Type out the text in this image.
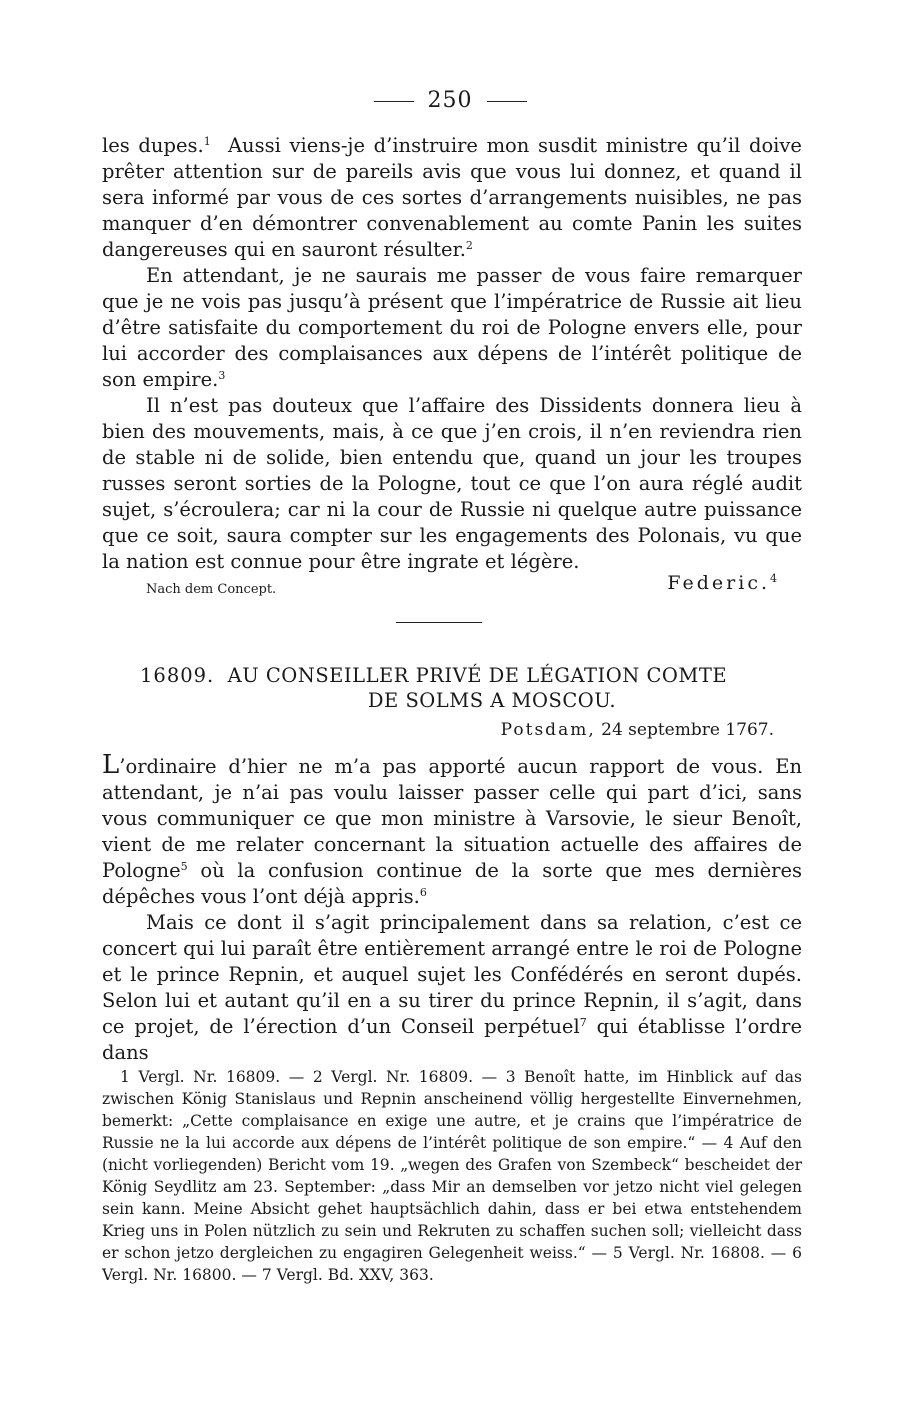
250

les dupes.$^1$ Aussi viens-je d’instruire mon susdit ministre qu’il doive prêter attention sur de pareils avis que vous lui donnez, et quand il sera informé par vous de ces sortes d’arrangements nuisibles, ne pas manquer d’en démontrer convenablement au comte Panin les suites dangereuses qui en sauront résulter.$^2$

En attendant, je ne saurais me passer de vous faire remarquer que je ne vois pas jusqu’à présent que l’impératrice de Russie ait lieu d’être satisfaite du comportement du roi de Pologne envers elle, pour lui accorder des complaisances aux dépens de l’intérêt politique de son empire.$^3$

Il n’est pas douteux que l’affaire des Dissidents donnera lieu à bien des mouvements, mais, à ce que j’en crois, il n’en reviendra rien de stable ni de solide, bien entendu que, quand un jour les troupes russes seront sorties de la Pologne, tout ce que l’on aura réglé audit sujet, s’écroulera; car ni la cour de Russie ni quelque autre puissance que ce soit, saura compter sur les engagements des Polonais, vu que la nation est connue pour être ingrate et légère.

Nach dem Concept.	Federic.$^4$
16809. AU CONSEILLER PRIVÉ DE LÉGATION COMTE
DE SOLMS A MOSCOU.
Potsdam, 24 septembre 1767.

L’ordinaire d’hier ne m’a pas apporté aucun rapport de vous. En attendant, je n’ai pas voulu laisser passer celle qui part d’ici, sans vous communiquer ce que mon ministre à Varsovie, le sieur Benoît, vient de me relater concernant la situation actuelle des affaires de Pologne$^5$ où la confusion continue de la sorte que mes dernières dépêches vous l’ont déjà appris.$^6$

Mais ce dont il s’agit principalement dans sa relation, c’est ce concert qui lui paraît être entièrement arrangé entre le roi de Pologne et le prince Repnin, et auquel sujet les Confédérés en seront dupés. Selon lui et autant qu’il en a su tirer du prince Repnin, il s’agit, dans ce projet, de l’érection d’un Conseil perpétuel$^7$ qui établisse l’ordre dans

1 Vergl. Nr. 16809. — 2 Vergl. Nr. 16809. — 3 Benoît hatte, im Hinblick auf das zwischen König Stanislaus und Repnin anscheinend völlig hergestellte Einvernehmen, bemerkt: „Cette complaisance en exige une autre, et je crains que l’impératrice de Russie ne la lui accorde aux dépens de l’intérêt politique de son empire.“ — 4 Auf den (nicht vorliegenden) Bericht vom 19. „wegen des Grafen von Szembeck“ bescheidet der König Seydlitz am 23. September: „dass Mir an demselben vor jetzo nicht viel gelegen sein kann. Meine Absicht gehet hauptsächlich dahin, dass er bei etwa entstehendem Krieg uns in Polen nützlich zu sein und Rekruten zu schaffen suchen soll; vielleicht dass er schon jetzo dergleichen zu engagiren Gelegenheit weiss.“ — 5 Vergl. Nr. 16808. — 6 Vergl. Nr. 16800. — 7 Vergl. Bd. XXV, 363.
